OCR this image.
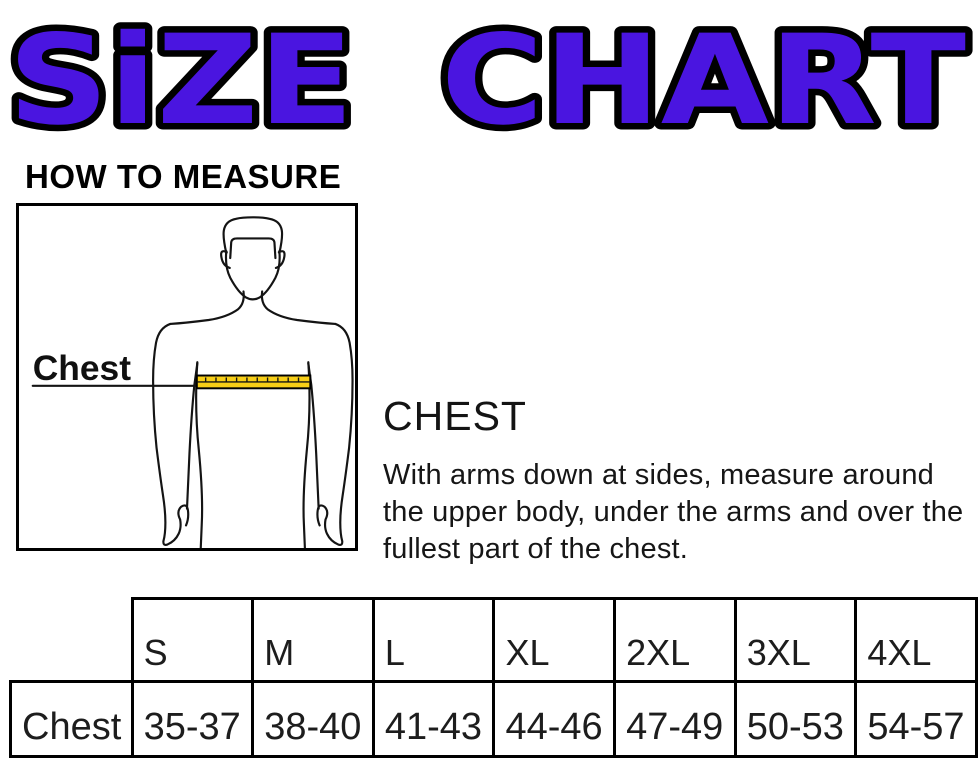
SiZE CHART
HOW TO MEASURE
Chest
CHEST

With arms down at sides, measure around the upper body, under the arms and over the fullest part of the chest.

	S	M	L	XL	2XL	3XL	4XL
Chest	35-37	38-40	41-43	44-46	47-49	50-53	54-57
